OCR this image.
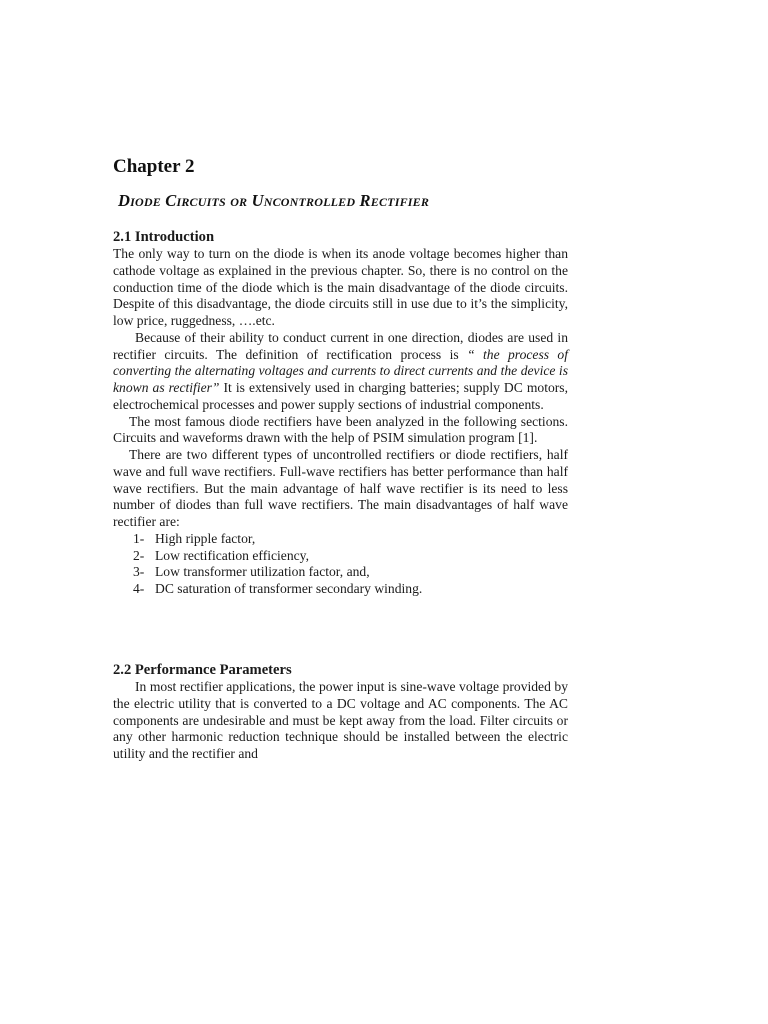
Chapter 2
Diode Circuits or Uncontrolled Rectifier

2.1 Introduction

The only way to turn on the diode is when its anode voltage becomes higher than cathode voltage as explained in the previous chapter. So, there is no control on the conduction time of the diode which is the main disadvantage of the diode circuits. Despite of this disadvantage, the diode circuits still in use due to it’s the simplicity, low price, ruggedness, ….etc.

Because of their ability to conduct current in one direction, diodes are used in rectifier circuits. The definition of rectification process is “ the process of converting the alternating voltages and currents to direct currents and the device is known as rectifier” It is extensively used in charging batteries; supply DC motors, electrochemical processes and power supply sections of industrial components.

The most famous diode rectifiers have been analyzed in the following sections. Circuits and waveforms drawn with the help of PSIM simulation program [1].

There are two different types of uncontrolled rectifiers or diode rectifiers, half wave and full wave rectifiers. Full-wave rectifiers has better performance than half wave rectifiers. But the main advantage of half wave rectifier is its need to less number of diodes than full wave rectifiers. The main disadvantages of half wave rectifier are:

1- High ripple factor,
2- Low rectification efficiency,
3- Low transformer utilization factor, and,
4- DC saturation of transformer secondary winding.

2.2 Performance Parameters

In most rectifier applications, the power input is sine-wave voltage provided by the electric utility that is converted to a DC voltage and AC components. The AC components are undesirable and must be kept away from the load. Filter circuits or any other harmonic reduction technique should be installed between the electric utility and the rectifier and
